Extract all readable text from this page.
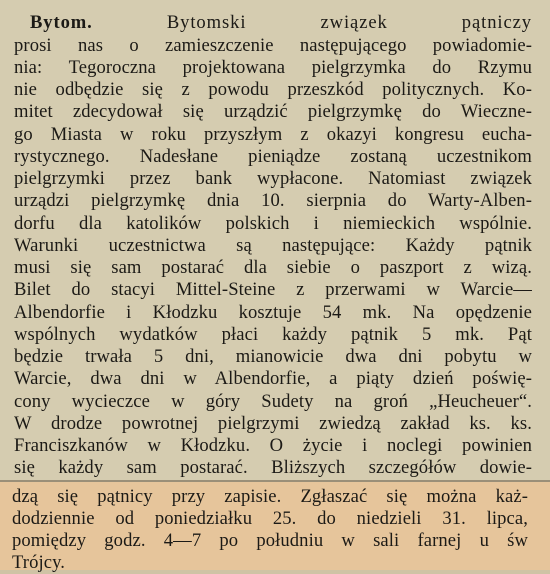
Bytom.	Bytomski związek pątniczy
prosi nas o zamieszczenie następującego powiadomie-
nia: Tegoroczna projektowana pielgrzymka do Rzymu
nie odbędzie się z powodu przeszkód politycznych. Ko-
mitet zdecydował się urządzić pielgrzymkę do Wieczne-
go Miasta w roku przyszłym z okazyi kongresu eucha-
rystycznego. Nadesłane pieniądze zostaną uczestnikom
pielgrzymki przez bank wypłacone. Natomiast związek
urządzi pielgrzymkę dnia 10. sierpnia do Warty-Alben-
dorfu dla katolików polskich i niemieckich wspólnie.
Warunki uczestnictwa są następujące: Każdy pątnik
musi się sam postarać dla siebie o paszport z wizą.
Bilet do stacyi Mittel-Steine z przerwami w Warcie—
Albendorfie i Kłodzku kosztuje 54 mk. Na opędzenie
wspólnych wydatków płaci każdy pątnik 5 mk. Pąt
będzie trwała 5 dni, mianowicie dwa dni pobytu w
Warcie, dwa dni w Albendorfie, a piąty dzień poświę-
cony wycieczce w góry Sudety na groń „Heucheuer“.
W drodze powrotnej pielgrzymi zwiedzą zakład ks. ks.
Franciszkanów w Kłodzku. O życie i noclegi powinien
się każdy sam postarać. Bliższych szczegółów dowie-
dzą się pątnicy przy zapisie. Zgłaszać się można każ-
dodziennie od poniedziałku 25. do niedzieli 31. lipca,
pomiędzy godz. 4—7 po południu w sali farnej u św
Trójcy.
